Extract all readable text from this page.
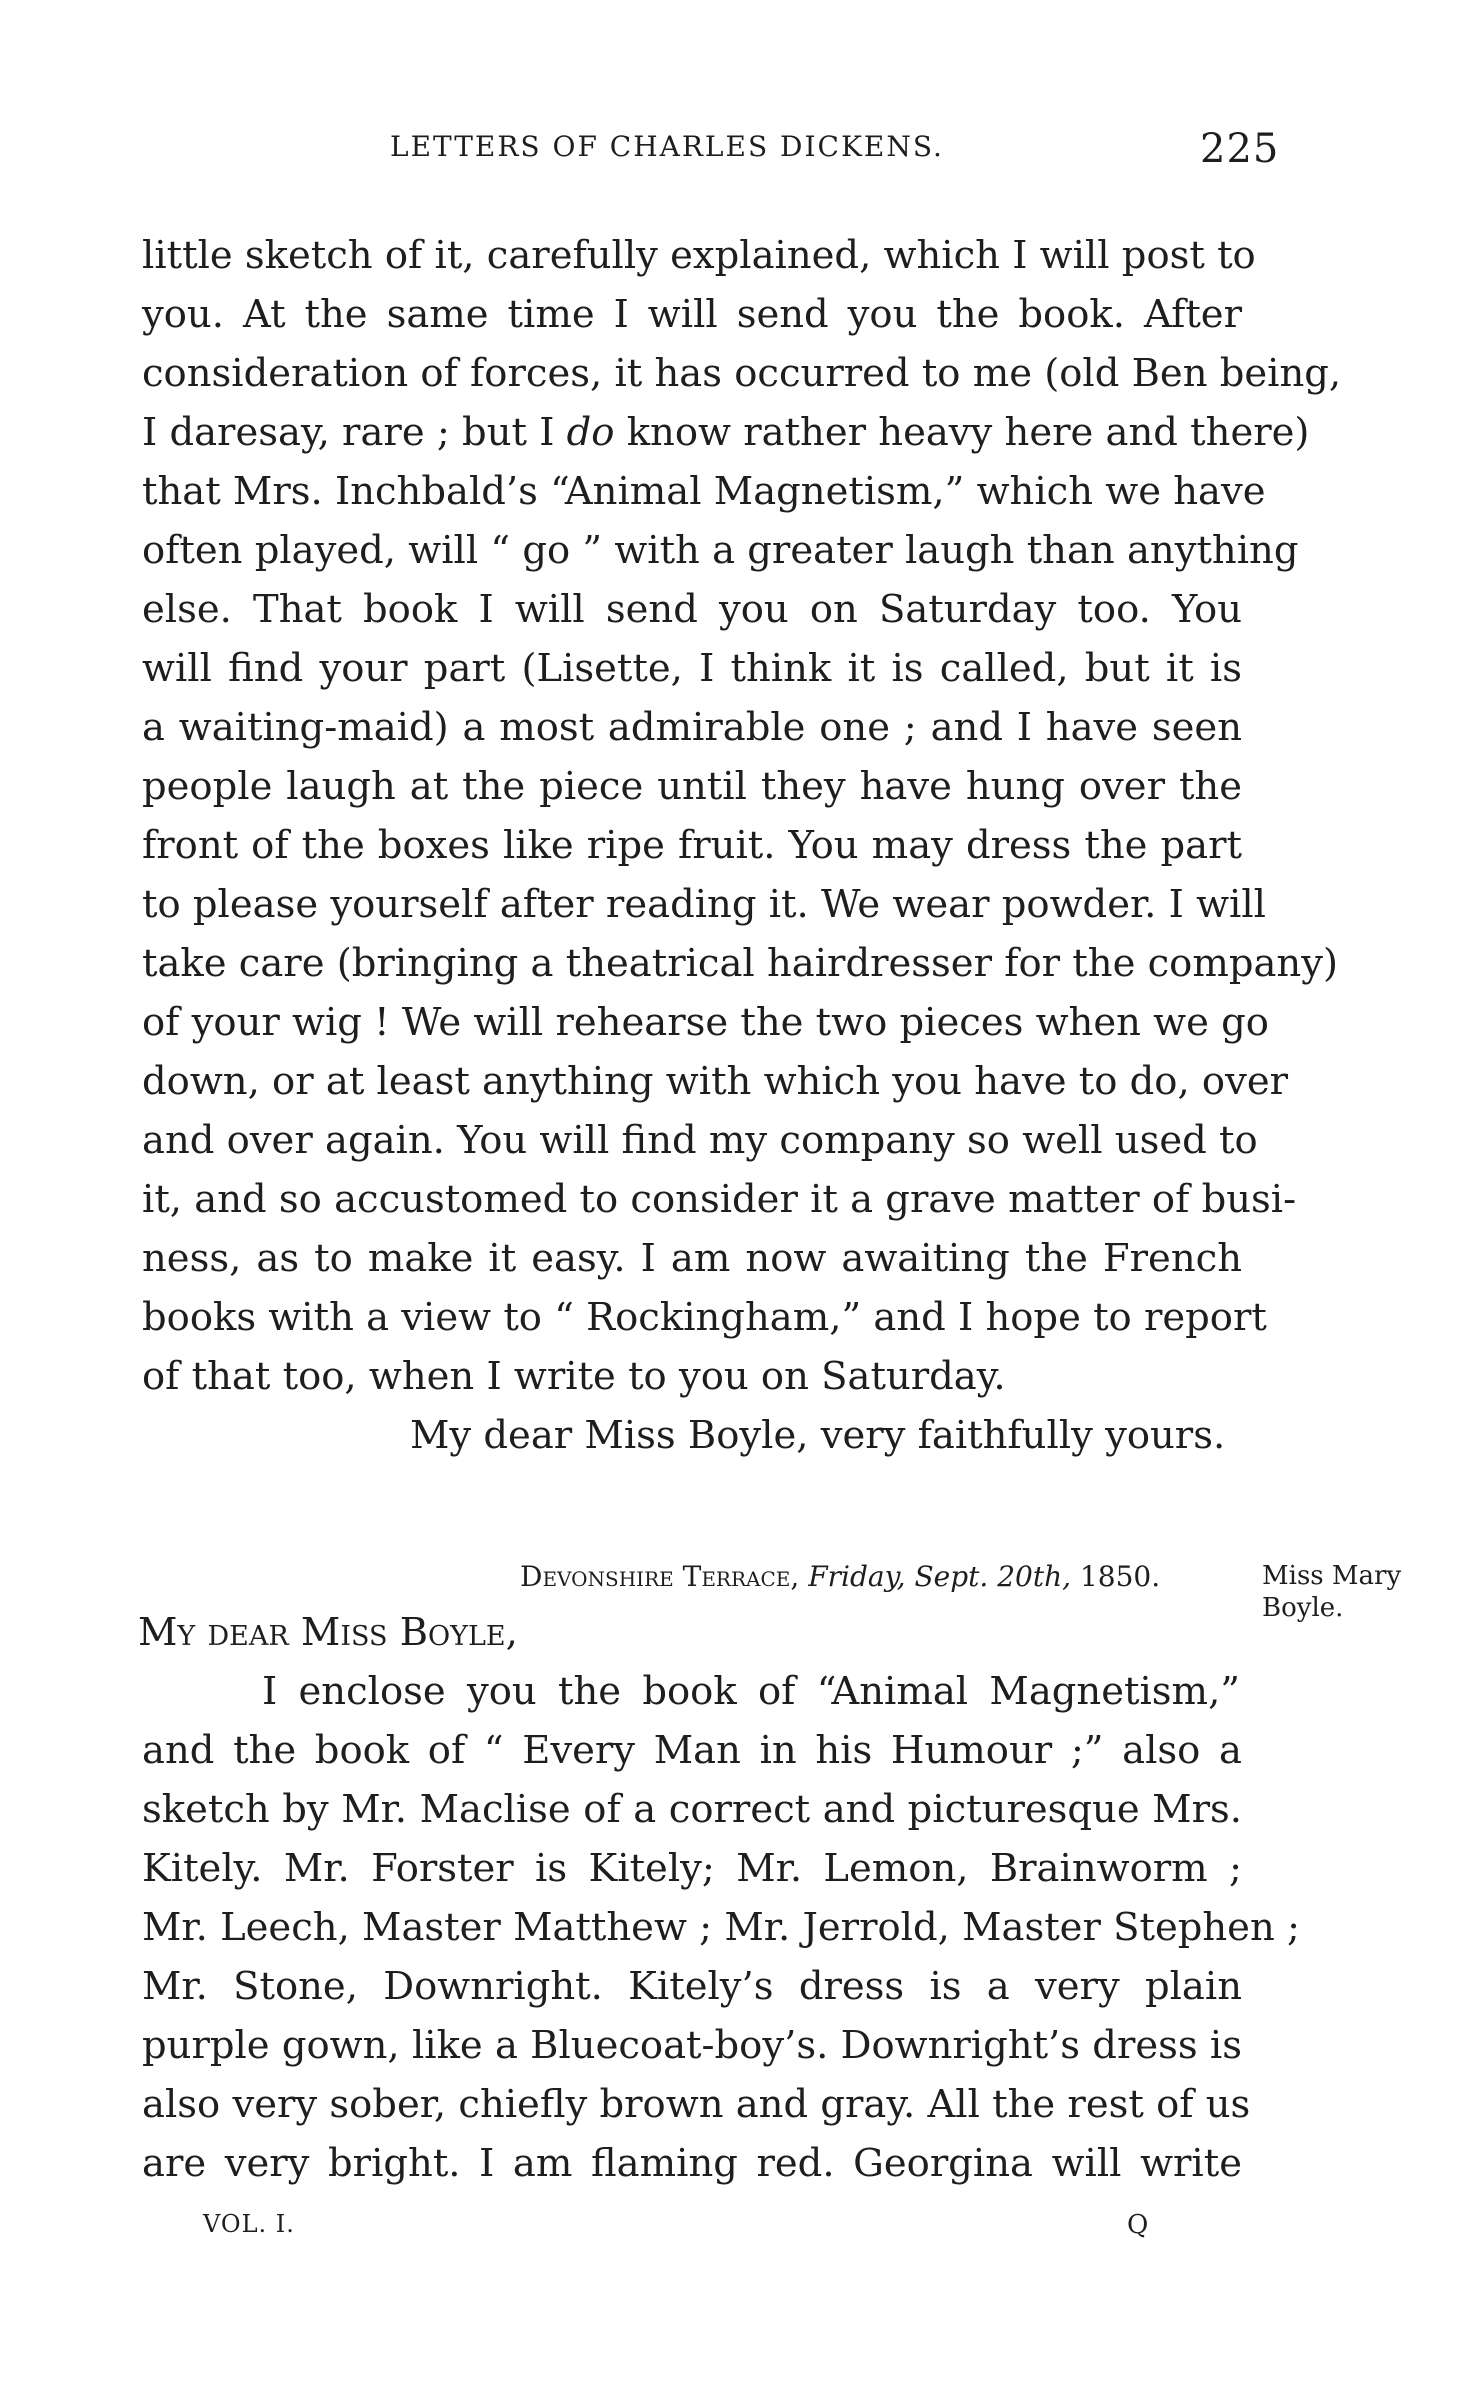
LETTERS OF CHARLES DICKENS.	225
little sketch of it, carefully explained, which I will post to
you. At the same time I will send you the book. After
consideration of forces, it has occurred to me (old Ben being,
I daresay, rare ; but I do know rather heavy here and there)
that Mrs. Inchbald’s “Animal Magnetism,” which we have
often played, will “ go ” with a greater laugh than anything
else. That book I will send you on Saturday too. You
will find your part (Lisette, I think it is called, but it is
a waiting-maid) a most admirable one ; and I have seen
people laugh at the piece until they have hung over the
front of the boxes like ripe fruit. You may dress the part
to please yourself after reading it. We wear powder. I will
take care (bringing a theatrical hairdresser for the company)
of your wig ! We will rehearse the two pieces when we go
down, or at least anything with which you have to do, over
and over again. You will find my company so well used to
it, and so accustomed to consider it a grave matter of busi-
ness, as to make it easy. I am now awaiting the French
books with a view to “ Rockingham,” and I hope to report
of that too, when I write to you on Saturday.
My dear Miss Boyle, very faithfully yours.
Devonshire Terrace, Friday, Sept. 20th, 1850.	Miss Mary
Boyle.
My dear Miss Boyle,
I enclose you the book of “Animal Magnetism,”
and the book of “ Every Man in his Humour ;” also a
sketch by Mr. Maclise of a correct and picturesque Mrs.
Kitely. Mr. Forster is Kitely; Mr. Lemon, Brainworm ;
Mr. Leech, Master Matthew ; Mr. Jerrold, Master Stephen ;
Mr. Stone, Downright. Kitely’s dress is a very plain
purple gown, like a Bluecoat-boy’s. Downright’s dress is
also very sober, chiefly brown and gray. All the rest of us
are very bright. I am flaming red. Georgina will write
VOL. I.	Q
